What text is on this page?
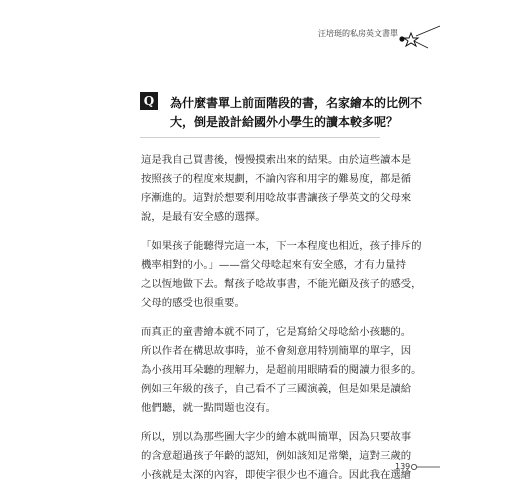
汪培珽的私房英文書單
Q	為什麼書單上前面階段的書，名家繪本的比例不
大，倒是設計給國外小學生的讀本較多呢？
這是我自己買書後，慢慢摸索出來的結果。由於這些讀本是
按照孩子的程度來規劃，不論內容和用字的難易度，都是循
序漸進的。這對於想要利用唸故事書讓孩子學英文的父母來
說，是最有安全感的選擇。
「如果孩子能聽得完這一本，下一本程度也相近，孩子排斥的
機率相對的小。」——當父母唸起來有安全感，才有力量持
之以恆地做下去。幫孩子唸故事書，不能光顧及孩子的感受，
父母的感受也很重要。
而真正的童書繪本就不同了，它是寫給父母唸給小孩聽的。
所以作者在構思故事時，並不會刻意用特別簡單的單字，因
為小孩用耳朵聽的理解力，是超前用眼睛看的閱讀力很多的。
例如三年級的孩子，自己看不了三國演義，但是如果是讀給
他們聽，就一點問題也沒有。
所以，別以為那些圖大字少的繪本就叫簡單，因為只要故事
的含意超過孩子年齡的認知，例如該知足常樂，這對三歲的
小孩就是太深的內容，即使字很少也不適合。因此我在選繪
139
